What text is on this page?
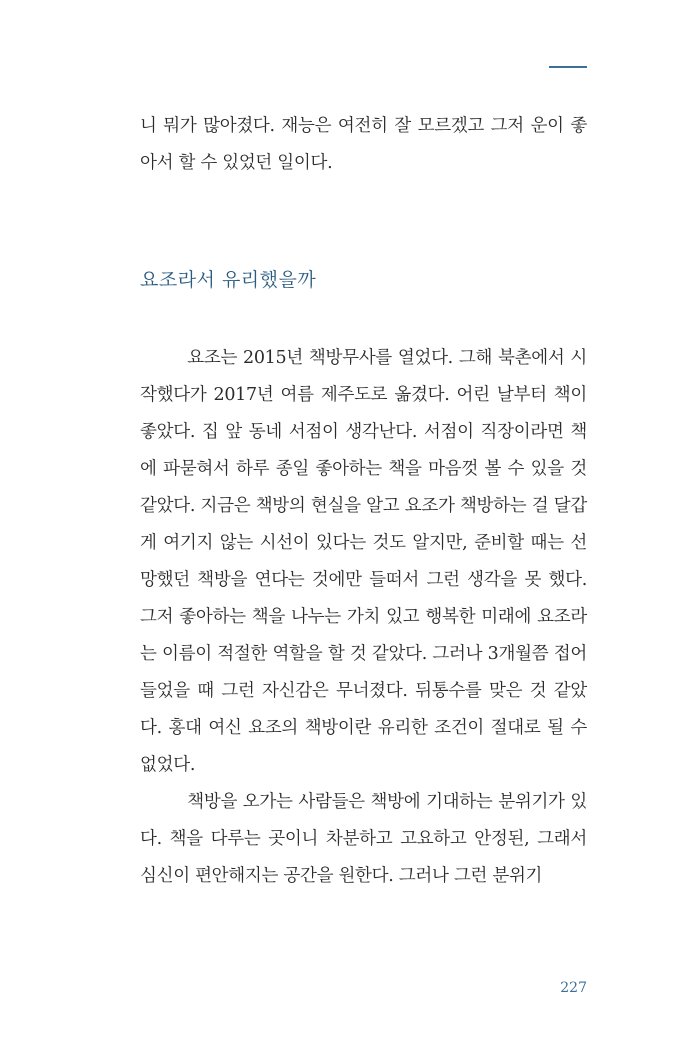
니 뭐가 많아졌다. 재능은 여전히 잘 모르겠고 그저 운이 좋아서 할 수 있었던 일이다.

요조라서 유리했을까

요조는 2015년 책방무사를 열었다. 그해 북촌에서 시작했다가 2017년 여름 제주도로 옮겼다. 어린 날부터 책이 좋았다. 집 앞 동네 서점이 생각난다. 서점이 직장이라면 책에 파묻혀서 하루 종일 좋아하는 책을 마음껏 볼 수 있을 것 같았다. 지금은 책방의 현실을 알고 요조가 책방하는 걸 달갑게 여기지 않는 시선이 있다는 것도 알지만, 준비할 때는 선망했던 책방을 연다는 것에만 들떠서 그런 생각을 못 했다. 그저 좋아하는 책을 나누는 가치 있고 행복한 미래에 요조라는 이름이 적절한 역할을 할 것 같았다. 그러나 3개월쯤 접어들었을 때 그런 자신감은 무너졌다. 뒤통수를 맞은 것 같았다. 홍대 여신 요조의 책방이란 유리한 조건이 절대로 될 수 없었다.

책방을 오가는 사람들은 책방에 기대하는 분위기가 있다. 책을 다루는 곳이니 차분하고 고요하고 안정된, 그래서 심신이 편안해지는 공간을 원한다. 그러나 그런 분위기

227
